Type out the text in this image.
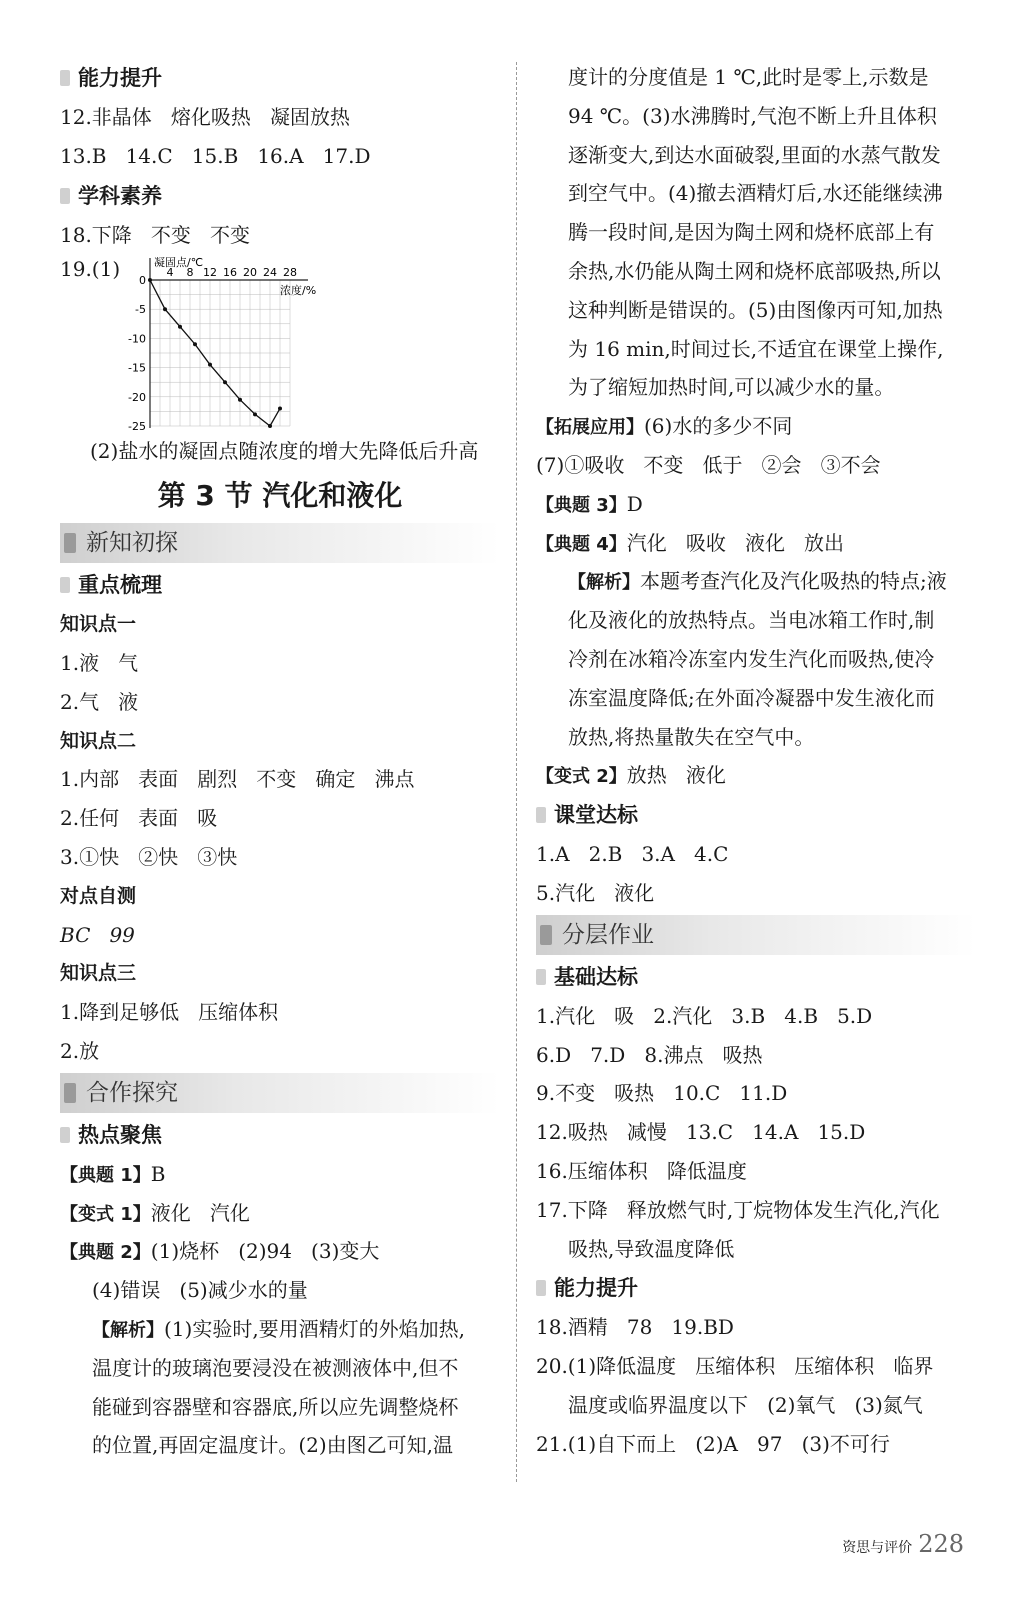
能力提升
12.非晶体   熔化吸热   凝固放热
13.B   14.C   15.B   16.A   17.D
学科素养
18.下降   不变   不变
19.(1)	4 8 12 16 20 24 28
0
-5
-10
-15
-20
-25
凝固点/℃
浓度/%
(2)盐水的凝固点随浓度的增大先降低后升高
第 3 节 汽化和液化
新知初探
重点梳理
知识点一
1.液   气
2.气   液
知识点二
1.内部   表面   剧烈   不变   确定   沸点
2.任何   表面   吸
3.①快   ②快   ③快
对点自测
BC   99
知识点三
1.降到足够低   压缩体积
2.放
合作探究
热点聚焦
【典题 1】B
【变式 1】液化   汽化
【典题 2】(1)烧杯   (2)94   (3)变大
(4)错误   (5)减少水的量
【解析】(1)实验时,要用酒精灯的外焰加热,
温度计的玻璃泡要浸没在被测液体中,但不
能碰到容器壁和容器底,所以应先调整烧杯
的位置,再固定温度计。(2)由图乙可知,温
度计的分度值是 1 ℃,此时是零上,示数是
94 ℃。(3)水沸腾时,气泡不断上升且体积
逐渐变大,到达水面破裂,里面的水蒸气散发
到空气中。(4)撤去酒精灯后,水还能继续沸
腾一段时间,是因为陶土网和烧杯底部上有
余热,水仍能从陶土网和烧杯底部吸热,所以
这种判断是错误的。(5)由图像丙可知,加热
为 16 min,时间过长,不适宜在课堂上操作,
为了缩短加热时间,可以减少水的量。
【拓展应用】(6)水的多少不同
(7)①吸收   不变   低于   ②会   ③不会
【典题 3】D
【典题 4】汽化   吸收   液化   放出
【解析】本题考查汽化及汽化吸热的特点;液
化及液化的放热特点。当电冰箱工作时,制
冷剂在冰箱冷冻室内发生汽化而吸热,使冷
冻室温度降低;在外面冷凝器中发生液化而
放热,将热量散失在空气中。
【变式 2】放热   液化
课堂达标
1.A   2.B   3.A   4.C
5.汽化   液化
分层作业
基础达标
1.汽化   吸   2.汽化   3.B   4.B   5.D
6.D   7.D   8.沸点   吸热
9.不变   吸热   10.C   11.D
12.吸热   减慢   13.C   14.A   15.D
16.压缩体积   降低温度
17.下降   释放燃气时,丁烷物体发生汽化,汽化
吸热,导致温度降低
能力提升
18.酒精   78   19.BD
20.(1)降低温度   压缩体积   压缩体积   临界
温度或临界温度以下   (2)氧气   (3)氮气
21.(1)自下而上   (2)A   97   (3)不可行
资思与评价 228
